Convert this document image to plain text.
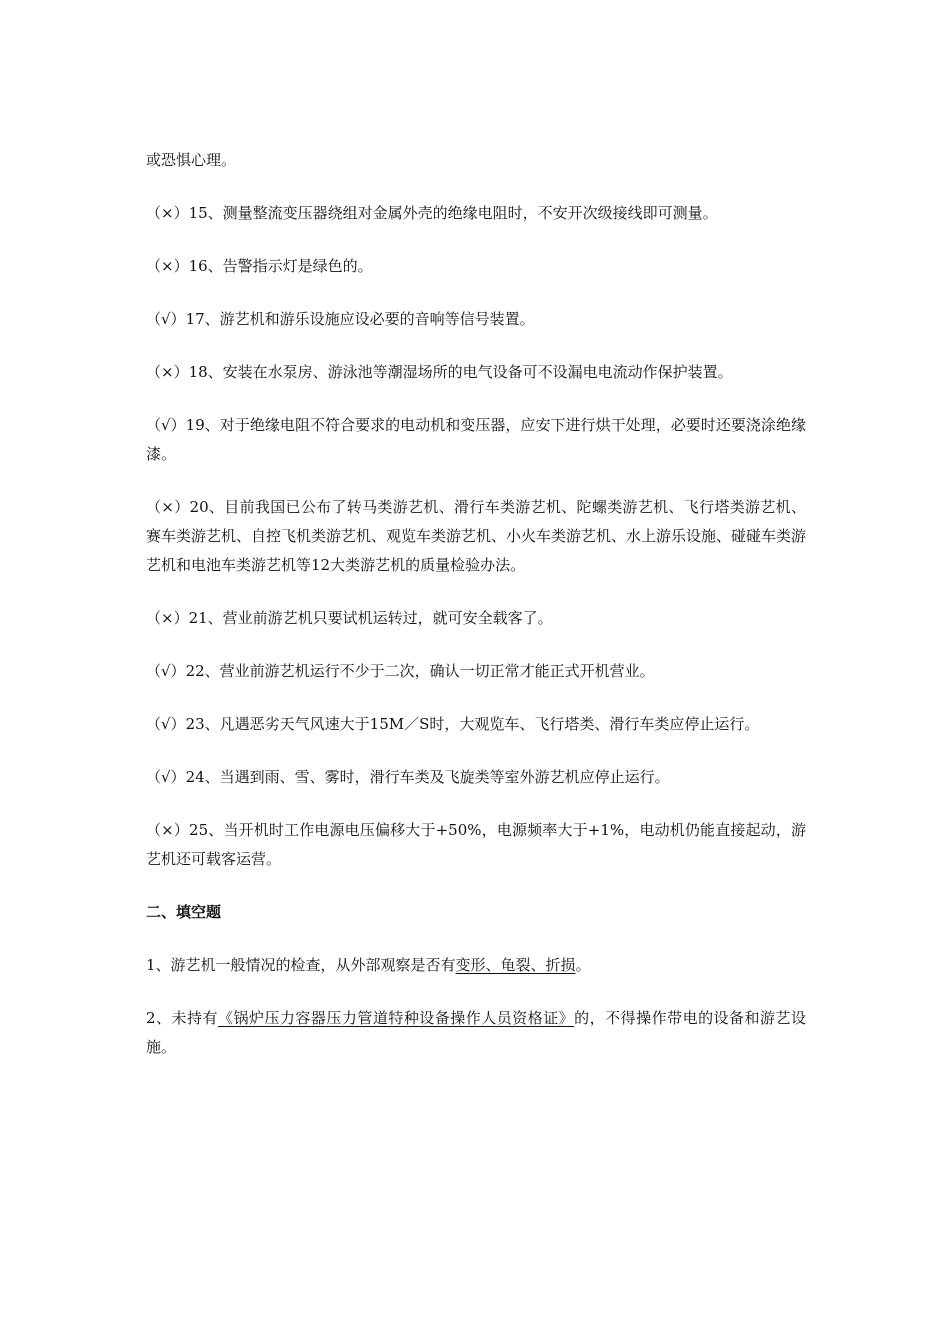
或恐惧心理。

（×）15、测量整流变压器绕组对金属外壳的绝缘电阻时，不安开次级接线即可测量。

（×）16、告警指示灯是绿色的。

（√）17、游艺机和游乐设施应设必要的音响等信号装置。

（×）18、安装在水泵房、游泳池等潮湿场所的电气设备可不设漏电电流动作保护装置。

（√）19、对于绝缘电阻不符合要求的电动机和变压器，应安下进行烘干处理，必要时还要浇涂绝缘漆。

（×）20、目前我国已公布了转马类游艺机、滑行车类游艺机、陀螺类游艺机、飞行塔类游艺机、赛车类游艺机、自控飞机类游艺机、观览车类游艺机、小火车类游艺机、水上游乐设施、碰碰车类游艺机和电池车类游艺机等12大类游艺机的质量检验办法。

（×）21、营业前游艺机只要试机运转过，就可安全载客了。

（√）22、营业前游艺机运行不少于二次，确认一切正常才能正式开机营业。

（√）23、凡遇恶劣天气风速大于15M／S时，大观览车、飞行塔类、滑行车类应停止运行。

（√）24、当遇到雨、雪、雾时，滑行车类及飞旋类等室外游艺机应停止运行。

（×）25、当开机时工作电源电压偏移大于+50%，电源频率大于+1%，电动机仍能直接起动，游艺机还可载客运营。

二、填空题

1、游艺机一般情况的检查，从外部观察是否有变形、龟裂、折损。

2、未持有《锅炉压力容器压力管道特种设备操作人员资格证》的，不得操作带电的设备和游艺设施。
